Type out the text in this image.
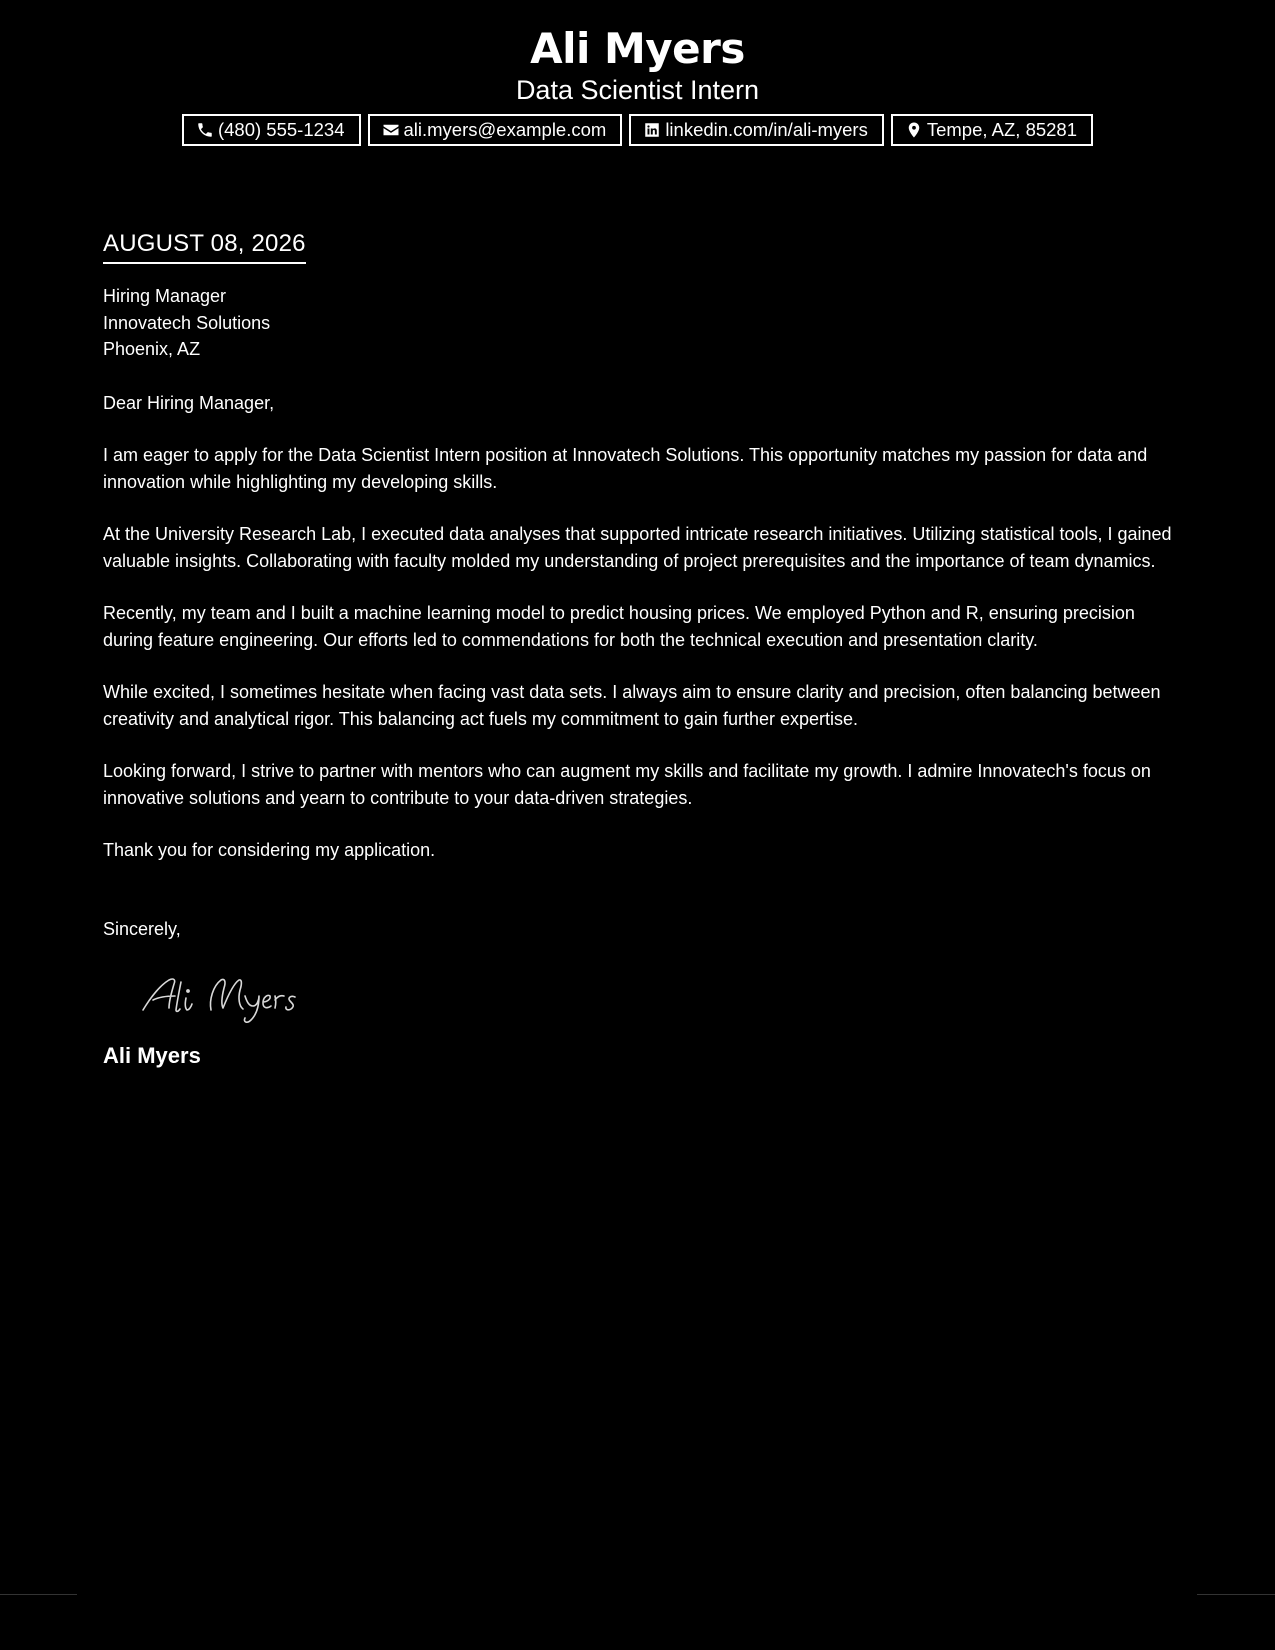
Ali Myers
Data Scientist Intern
(480) 555-1234	ali.myers@example.com	linkedin.com/in/ali-myers	Tempe, AZ, 85281
AUGUST 08, 2026
Hiring Manager
Innovatech Solutions
Phoenix, AZ
Dear Hiring Manager,
I am eager to apply for the Data Scientist Intern position at Innovatech Solutions. This opportunity matches my passion for data and innovation while highlighting my developing skills.
At the University Research Lab, I executed data analyses that supported intricate research initiatives. Utilizing statistical tools, I gained valuable insights. Collaborating with faculty molded my understanding of project prerequisites and the importance of team dynamics.
Recently, my team and I built a machine learning model to predict housing prices. We employed Python and R, ensuring precision during feature engineering. Our efforts led to commendations for both the technical execution and presentation clarity.
While excited, I sometimes hesitate when facing vast data sets. I always aim to ensure clarity and precision, often balancing between creativity and analytical rigor. This balancing act fuels my commitment to gain further expertise.
Looking forward, I strive to partner with mentors who can augment my skills and facilitate my growth. I admire Innovatech's focus on innovative solutions and yearn to contribute to your data-driven strategies.
Thank you for considering my application.
Sincerely,
Ali Myers
